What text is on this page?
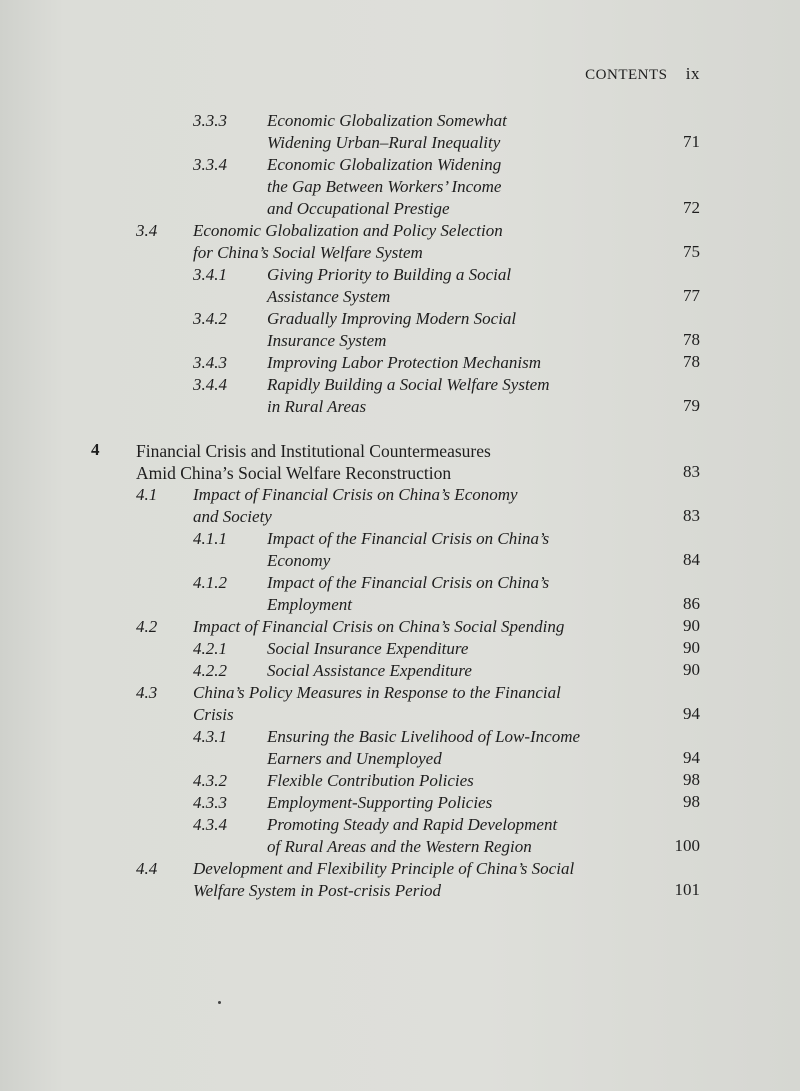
CONTENTS ix
3.3.3 Economic Globalization Somewhat
Widening Urban–Rural Inequality	71
3.3.4 Economic Globalization Widening
the Gap Between Workers’ Income
and Occupational Prestige	72
3.4 Economic Globalization and Policy Selection
for China’s Social Welfare System	75
3.4.1 Giving Priority to Building a Social
Assistance System	77
3.4.2 Gradually Improving Modern Social
Insurance System	78
3.4.3 Improving Labor Protection Mechanism	78
3.4.4 Rapidly Building a Social Welfare System
in Rural Areas	79
4 Financial Crisis and Institutional Countermeasures
Amid China’s Social Welfare Reconstruction	83
4.1 Impact of Financial Crisis on China’s Economy
and Society	83
4.1.1 Impact of the Financial Crisis on China’s
Economy	84
4.1.2 Impact of the Financial Crisis on China’s
Employment	86
4.2 Impact of Financial Crisis on China’s Social Spending	90
4.2.1 Social Insurance Expenditure	90
4.2.2 Social Assistance Expenditure	90
4.3 China’s Policy Measures in Response to the Financial
Crisis	94
4.3.1 Ensuring the Basic Livelihood of Low-Income
Earners and Unemployed	94
4.3.2 Flexible Contribution Policies	98
4.3.3 Employment-Supporting Policies	98
4.3.4 Promoting Steady and Rapid Development
of Rural Areas and the Western Region	100
4.4 Development and Flexibility Principle of China’s Social
Welfare System in Post-crisis Period	101
